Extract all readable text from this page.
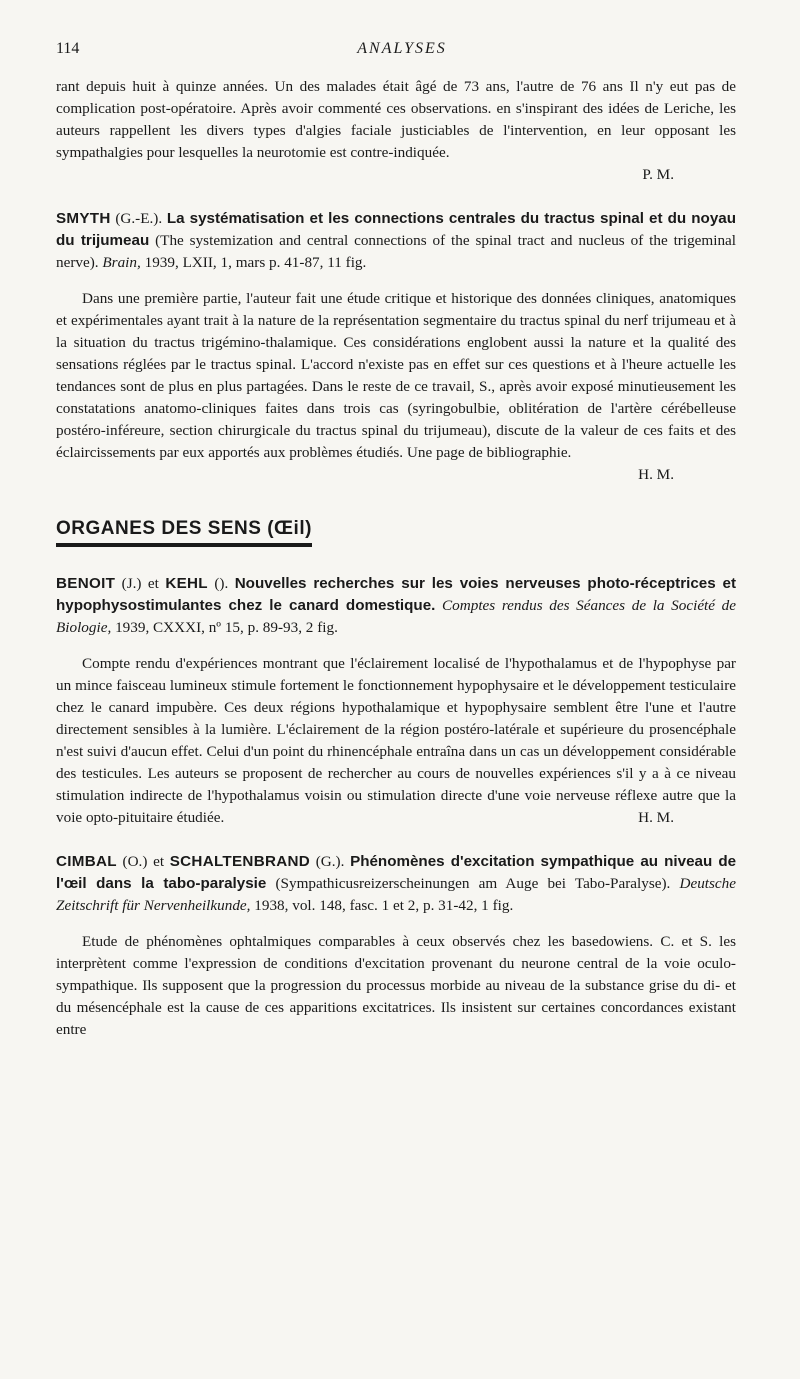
114	ANALYSES

rant depuis huit à quinze années. Un des malades était âgé de 73 ans, l'autre de 76 ans Il n'y eut pas de complication post-opératoire. Après avoir commenté ces observations. en s'inspirant des idées de Leriche, les auteurs rappellent les divers types d'algies faciale justiciables de l'intervention, en leur opposant les sympathalgies pour lesquelles la neurotomie est contre-indiquée.

P. M.

SMYTH (G.-E.). La systématisation et les connections centrales du tractus spinal et du noyau du trijumeau (The systemization and central connections of the spinal tract and nucleus of the trigeminal nerve). Brain, 1939, LXII, 1, mars p. 41-87, 11 fig.

Dans une première partie, l'auteur fait une étude critique et historique des données cliniques, anatomiques et expérimentales ayant trait à la nature de la représentation segmentaire du tractus spinal du nerf trijumeau et à la situation du tractus trigémino-thalamique. Ces considérations englobent aussi la nature et la qualité des sensations réglées par le tractus spinal. L'accord n'existe pas en effet sur ces questions et à l'heure actuelle les tendances sont de plus en plus partagées. Dans le reste de ce travail, S., après avoir exposé minutieusement les constatations anatomo-cliniques faites dans trois cas (syringobulbie, oblitération de l'artère cérébelleuse postéro-inféreure, section chirurgicale du tractus spinal du trijumeau), discute de la valeur de ces faits et des éclaircissements par eux apportés aux problèmes étudiés. Une page de bibliographie.

H. M.

ORGANES DES SENS (Œil)

BENOIT (J.) et KEHL (). Nouvelles recherches sur les voies nerveuses photo-réceptrices et hypophysostimulantes chez le canard domestique. Comptes rendus des Séances de la Société de Biologie, 1939, CXXXI, nº 15, p. 89-93, 2 fig.

Compte rendu d'expériences montrant que l'éclairement localisé de l'hypothalamus et de l'hypophyse par un mince faisceau lumineux stimule fortement le fonctionnement hypophysaire et le développement testiculaire chez le canard impubère. Ces deux régions hypothalamique et hypophysaire semblent être l'une et l'autre directement sensibles à la lumière. L'éclairement de la région postéro-latérale et supérieure du prosencéphale n'est suivi d'aucun effet. Celui d'un point du rhinencéphale entraîna dans un cas un développement considérable des testicules. Les auteurs se proposent de rechercher au cours de nouvelles expériences s'il y a à ce niveau stimulation indirecte de l'hypothalamus voisin ou stimulation directe d'une voie nerveuse réflexe autre que la voie opto-pituitaire étudiée.	H. M.

CIMBAL (O.) et SCHALTENBRAND (G.). Phénomènes d'excitation sympathique au niveau de l'œil dans la tabo-paralysie (Sympathicusreizerscheinungen am Auge bei Tabo-Paralyse). Deutsche Zeitschrift für Nervenheilkunde, 1938, vol. 148, fasc. 1 et 2, p. 31-42, 1 fig.

Etude de phénomènes ophtalmiques comparables à ceux observés chez les basedowiens. C. et S. les interprètent comme l'expression de conditions d'excitation provenant du neurone central de la voie oculo-sympathique. Ils supposent que la progression du processus morbide au niveau de la substance grise du di- et du mésencéphale est la cause de ces apparitions excitatrices. Ils insistent sur certaines concordances existant entre
